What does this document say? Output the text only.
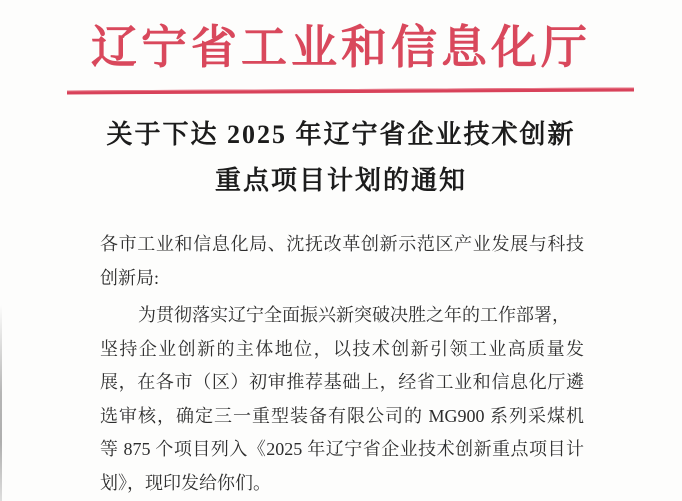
辽宁省工业和信息化厅
关于下达 2025 年辽宁省企业技术创新
重点项目计划的通知
各市工业和信息化局、沈抚改革创新示范区产业发展与科技
创新局:
为贯彻落实辽宁全面振兴新突破决胜之年的工作部署，
坚持企业创新的主体地位，以技术创新引领工业高质量发
展，在各市（区）初审推荐基础上，经省工业和信息化厅遴
选审核，确定三一重型装备有限公司的 MG900 系列采煤机
等 875 个项目列入《2025 年辽宁省企业技术创新重点项目计
划》，现印发给你们。
